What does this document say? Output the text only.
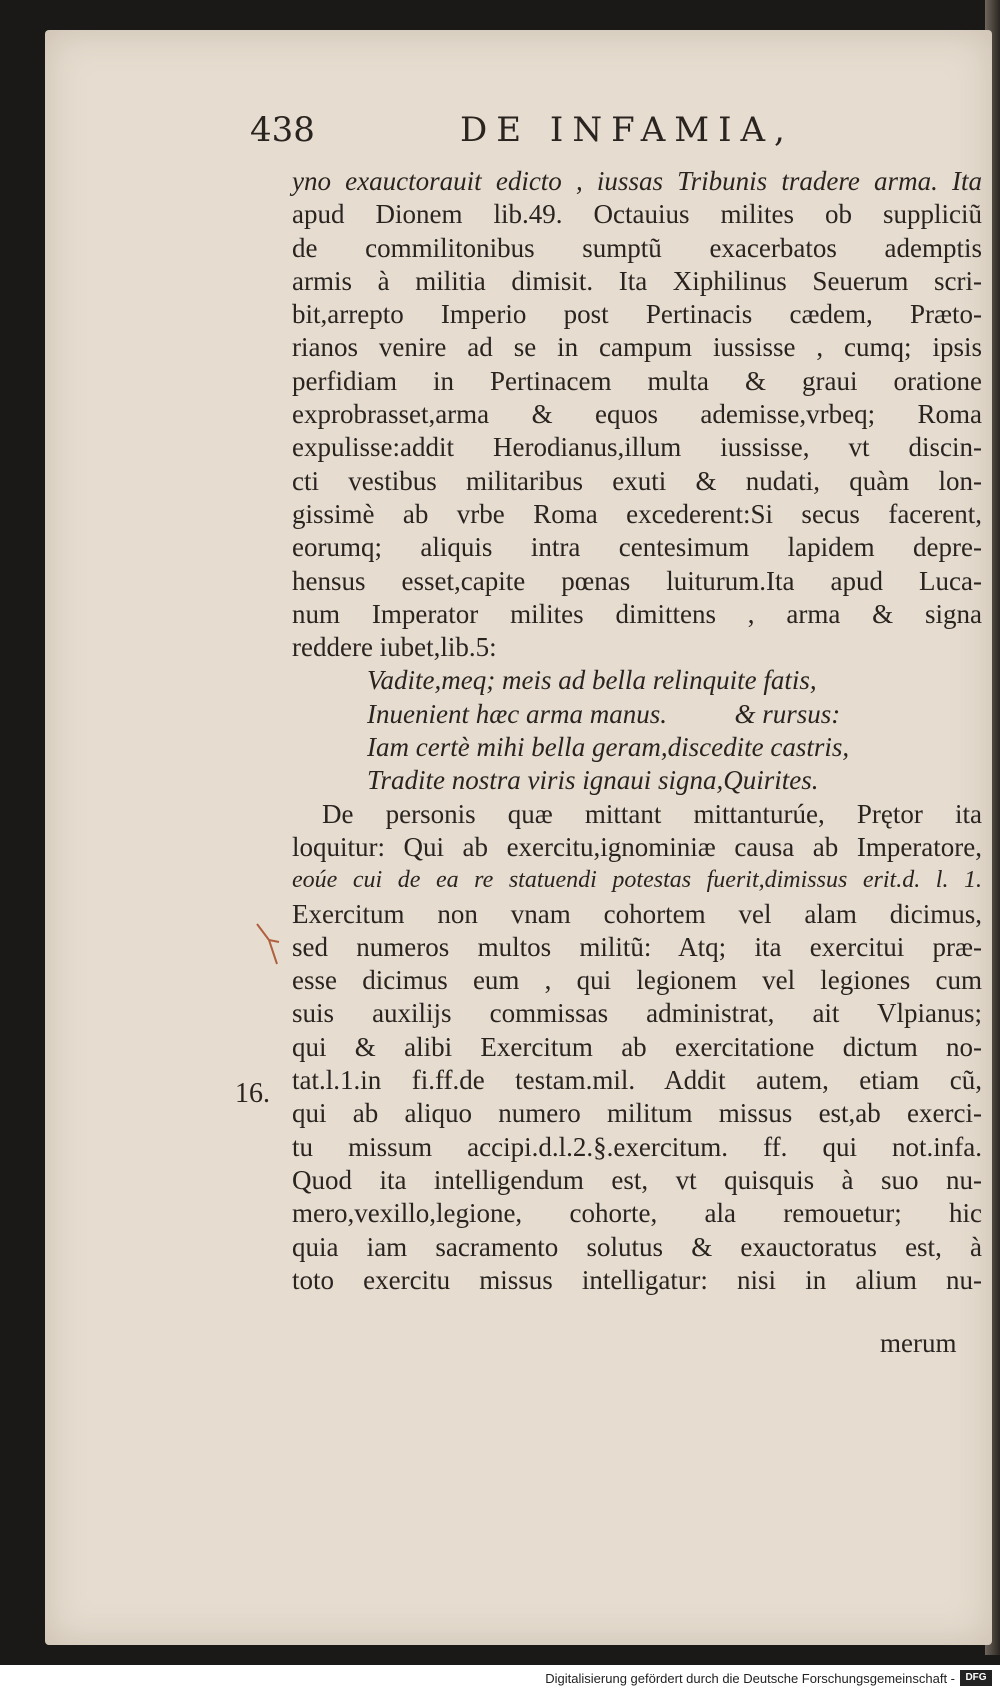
438	DE INFAMIA,
yno exauctorauit edicto , iussas Tribunis tradere arma. Ita
apud Dionem lib.49. Octauius milites ob suppliciũ
de commilitonibus sumptũ exacerbatos ademptis
armis à militia dimisit. Ita Xiphilinus Seuerum scri-
bit,arrepto Imperio post Pertinacis cædem, Prætо-
rianos venire ad se in campum iussisse , cumq; ipsis
perfidiam in Pertinacem multa & graui oratione
exprobrasset,arma & equos ademisse,vrbeq; Roma
expulisse:addit Herodianus,illum iussisse, vt discin-
cti vestibus militaribus exuti & nudati, quàm lon-
gissimè ab vrbe Roma excederent:Si secus facerent,
eorumq; aliquis intra centesimum lapidem depre-
hensus esset,capite pœnas luiturum.Ita apud Luca-
num Imperator milites dimittens , arma & signa
reddere iubet,lib.5:
Vadite,meq; meis ad bella relinquite fatis,
Inuenient hæc arma manus.          & rursus:
Iam certè mihi bella geram,discedite castris,
Tradite nostra viris ignaui signa,Quirites.
De personis quæ mittant mittanturúe, Prętor ita
loquitur: Qui ab exercitu,ignominiæ causa ab Imperatore,
eoúe cui de ea re statuendi potestas fuerit,dimissus erit.d. l. 1.
Exercitum non vnam cohortem vel alam dicimus,
sed numeros multos militũ: Atq; ita exercitui præ-
esse dicimus eum , qui legionem vel legiones cum
suis auxilijs commissas administrat, ait Vlpianus;
qui & alibi Exercitum ab exercitatione dictum no-
tat.l.1.in fi.ff.de testam.mil. Addit autem, etiam cũ,
qui ab aliquo numero militum missus est,ab exerci-
tu missum accipi.d.l.2.§.exercitum. ff. qui not.infa.
Quod ita intelligendum est, vt quisquis à suo nu-
mero,vexillo,legione, cohorte, ala remouetur; hic
quia iam sacramento solutus & exauctoratus est, à
toto exercitu missus intelligatur: nisi in alium nu-
merum
16.
Digitalisierung gefördert durch die Deutsche Forschungsgemeinschaft -	DFG
